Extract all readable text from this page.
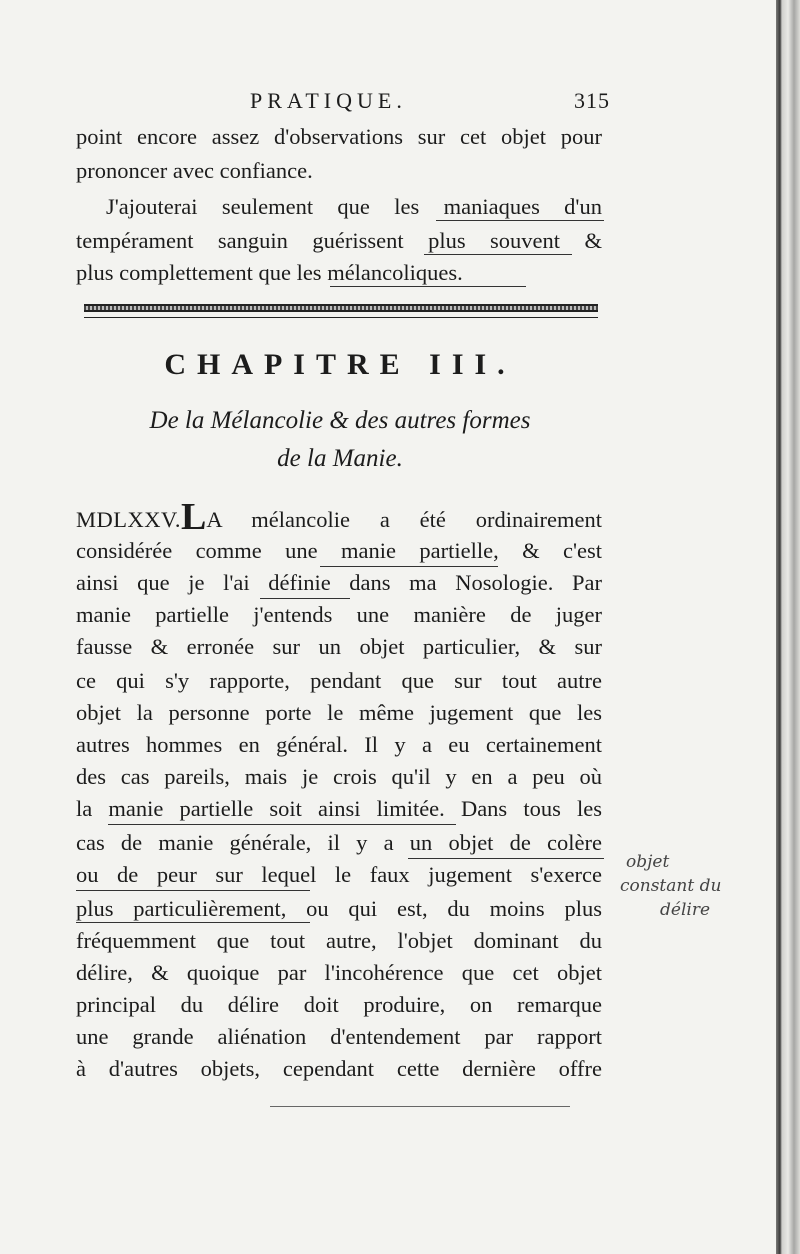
PRATIQUE.	315
point encore assez d'observations sur cet objet pour
prononcer avec confiance.
J'ajouterai seulement que les maniaques d'un
tempérament sanguin guérissent plus souvent &
plus complettement que les mélancoliques.
CHAPITRE III.
De la Mélancolie & des autres formes
de la Manie.
MDLXXV.LA mélancolie a été ordinairement
considérée comme une manie partielle, & c'est
ainsi que je l'ai définie dans ma Nosologie. Par
manie partielle j'entends une manière de juger
fausse & erronée sur un objet particulier, & sur
ce qui s'y rapporte, pendant que sur tout autre
objet la personne porte le même jugement que les
autres hommes en général. Il y a eu certainement
des cas pareils, mais je crois qu'il y en a peu où
la manie partielle soit ainsi limitée. Dans tous les
cas de manie générale, il y a un objet de colère
ou de peur sur lequel le faux jugement s'exerce
plus particulièrement, ou qui est, du moins plus
fréquemment que tout autre, l'objet dominant du
délire, & quoique par l'incohérence que cet objet
principal du délire doit produire, on remarque
une grande aliénation d'entendement par rapport
à d'autres objets, cependant cette dernière offre
objet
constant du
délire
